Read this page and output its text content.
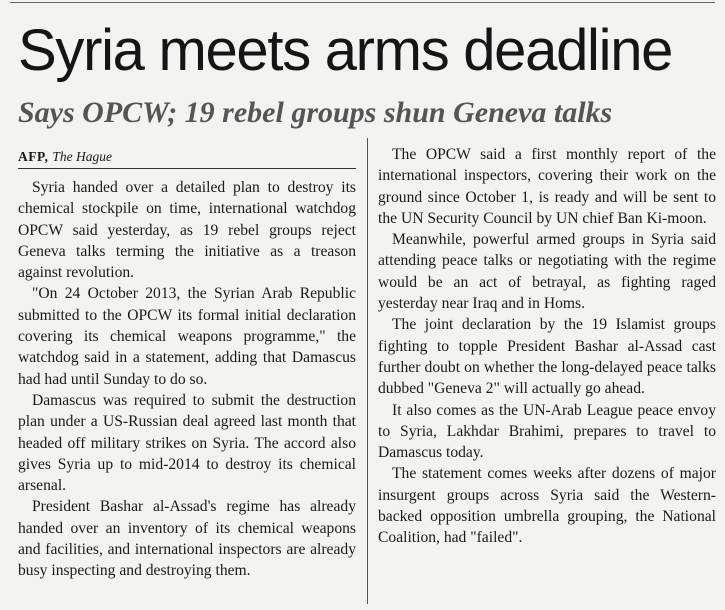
Syria meets arms deadline
Says OPCW; 19 rebel groups shun Geneva talks
AFP, The Hague

Syria handed over a detailed plan to destroy its chemical stockpile on time, international watchdog OPCW said yesterday, as 19 rebel groups reject Geneva talks terming the initiative as a treason against revolution.

"On 24 October 2013, the Syrian Arab Republic submitted to the OPCW its formal initial declaration covering its chemical weapons programme," the watchdog said in a statement, adding that Damascus had had until Sunday to do so.

Damascus was required to submit the destruction plan under a US-Russian deal agreed last month that headed off military strikes on Syria. The accord also gives Syria up to mid-2014 to destroy its chemical arsenal.

President Bashar al-Assad's regime has already handed over an inventory of its chemical weapons and facilities, and international inspectors are already busy inspecting and destroying them.

The OPCW said a first monthly report of the international inspectors, covering their work on the ground since October 1, is ready and will be sent to the UN Security Council by UN chief Ban Ki-moon.

Meanwhile, powerful armed groups in Syria said attending peace talks or negotiating with the regime would be an act of betrayal, as fighting raged yesterday near Iraq and in Homs.

The joint declaration by the 19 Islamist groups fighting to topple President Bashar al-Assad cast further doubt on whether the long-delayed peace talks dubbed "Geneva 2" will actually go ahead.

It also comes as the UN-Arab League peace envoy to Syria, Lakhdar Brahimi, prepares to travel to Damascus today.

The statement comes weeks after dozens of major insurgent groups across Syria said the Western-backed opposition umbrella grouping, the National Coalition, had "failed".
